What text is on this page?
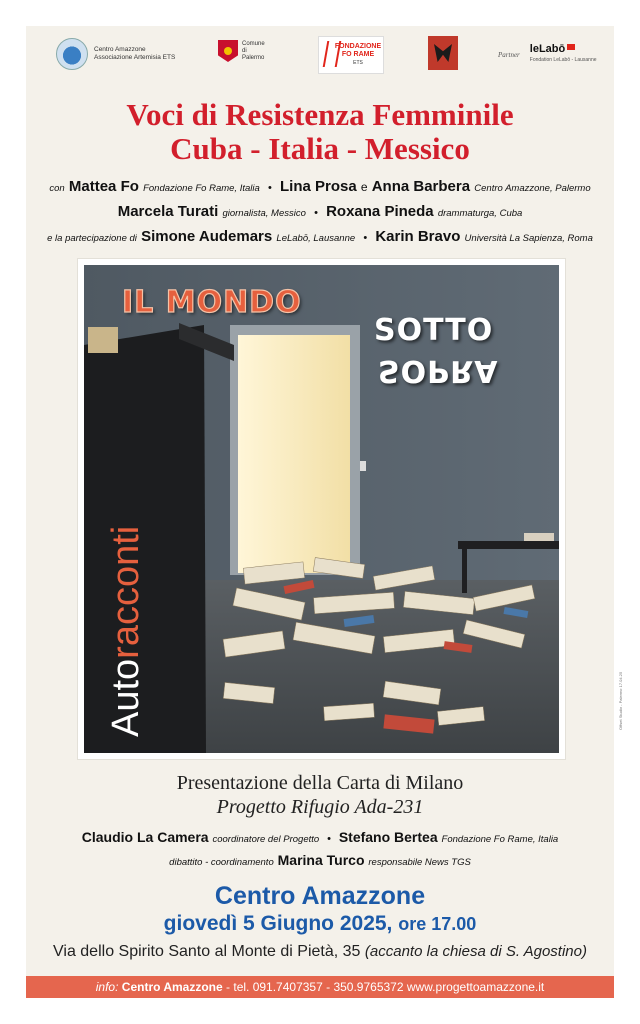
Centro Amazzone
Associazione Artemisia ETS
Comune
di
Palermo
FONDAZIONE
FO RAME
ETS
Partner leLabō
Fondation LeLabō - Lausanne
Voci di Resistenza Femminile
Cuba - Italia - Messico
con Mattea Fo Fondazione Fo Rame, Italia • Lina Prosa e Anna Barbera Centro Amazzone, Palermo
Marcela Turati giornalista, Messico • Roxana Pineda drammaturga, Cuba
e la partecipazione di Simone Audemars LeLabō, Lausanne • Karin Bravo Università La Sapienza, Roma
IL MONDO
SOTTO
SOPRA
Autoracconti
Presentazione della Carta di Milano
Progetto Rifugio Ada-231
Claudio La Camera coordinatore del Progetto • Stefano Bertea Fondazione Fo Rame, Italia
dibattito - coordinamento Marina Turco responsabile News TGS
Centro Amazzone
giovedì 5 Giugno 2025, ore 17.00
Via dello Spirito Santo al Monte di Pietà, 35 (accanto la chiesa di S. Agostino)
info: Centro Amazzone - tel. 091.7407357 - 350.9765372 www.progettoamazzone.it
Offset Studio - Palermo 17.04.25
